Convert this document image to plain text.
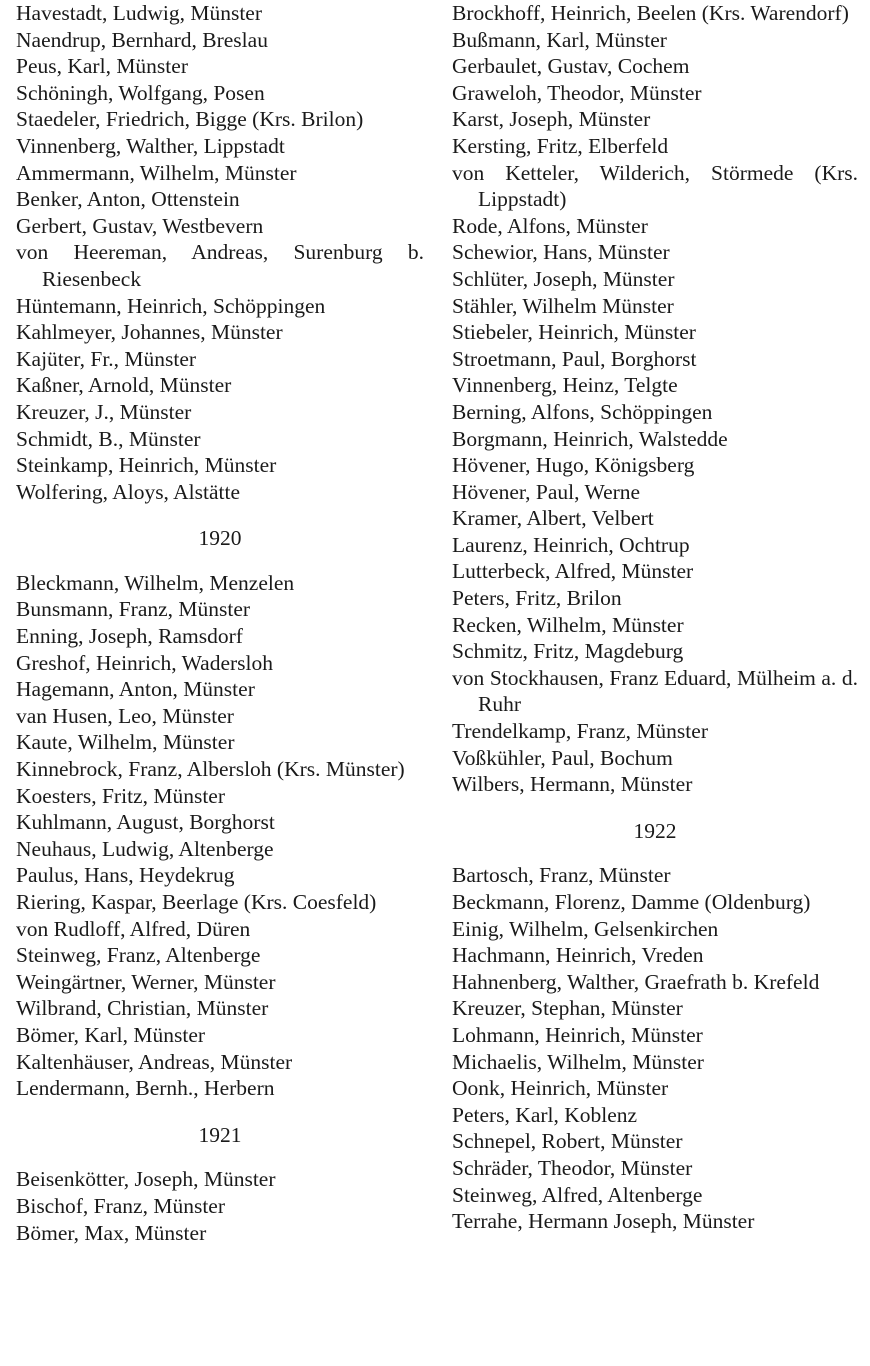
Havestadt, Ludwig, Münster
Naendrup, Bernhard, Breslau
Peus, Karl, Münster
Schöningh, Wolfgang, Posen
Staedeler, Friedrich, Bigge (Krs. Brilon)
Vinnenberg, Walther, Lippstadt
Ammermann, Wilhelm, Münster
Benker, Anton, Ottenstein
Gerbert, Gustav, Westbevern
von Heereman, Andreas, Surenburg b. Riesenbeck
Hüntemann, Heinrich, Schöppingen
Kahlmeyer, Johannes, Münster
Kajüter, Fr., Münster
Kaßner, Arnold, Münster
Kreuzer, J., Münster
Schmidt, B., Münster
Steinkamp, Heinrich, Münster
Wolfering, Aloys, Alstätte
1920
Bleckmann, Wilhelm, Menzelen
Bunsmann, Franz, Münster
Enning, Joseph, Ramsdorf
Greshof, Heinrich, Wadersloh
Hagemann, Anton, Münster
van Husen, Leo, Münster
Kaute, Wilhelm, Münster
Kinnebrock, Franz, Albersloh (Krs. Münster)
Koesters, Fritz, Münster
Kuhlmann, August, Borghorst
Neuhaus, Ludwig, Altenberge
Paulus, Hans, Heydekrug
Riering, Kaspar, Beerlage (Krs. Coesfeld)
von Rudloff, Alfred, Düren
Steinweg, Franz, Altenberge
Weingärtner, Werner, Münster
Wilbrand, Christian, Münster
Bömer, Karl, Münster
Kaltenhäuser, Andreas, Münster
Lendermann, Bernh., Herbern
1921
Beisenkötter, Joseph, Münster
Bischof, Franz, Münster
Bömer, Max, Münster
Brockhoff, Heinrich, Beelen (Krs. Warendorf)
Bußmann, Karl, Münster
Gerbaulet, Gustav, Cochem
Graweloh, Theodor, Münster
Karst, Joseph, Münster
Kersting, Fritz, Elberfeld
von Ketteler, Wilderich, Störmede (Krs. Lippstadt)
Rode, Alfons, Münster
Schewior, Hans, Münster
Schlüter, Joseph, Münster
Stähler, Wilhelm Münster
Stiebeler, Heinrich, Münster
Stroetmann, Paul, Borghorst
Vinnenberg, Heinz, Telgte
Berning, Alfons, Schöppingen
Borgmann, Heinrich, Walstedde
Hövener, Hugo, Königsberg
Hövener, Paul, Werne
Kramer, Albert, Velbert
Laurenz, Heinrich, Ochtrup
Lutterbeck, Alfred, Münster
Peters, Fritz, Brilon
Recken, Wilhelm, Münster
Schmitz, Fritz, Magdeburg
von Stockhausen, Franz Eduard, Mülheim a. d. Ruhr
Trendelkamp, Franz, Münster
Voßkühler, Paul, Bochum
Wilbers, Hermann, Münster
1922
Bartosch, Franz, Münster
Beckmann, Florenz, Damme (Oldenburg)
Einig, Wilhelm, Gelsenkirchen
Hachmann, Heinrich, Vreden
Hahnenberg, Walther, Graefrath b. Krefeld
Kreuzer, Stephan, Münster
Lohmann, Heinrich, Münster
Michaelis, Wilhelm, Münster
Oonk, Heinrich, Münster
Peters, Karl, Koblenz
Schnepel, Robert, Münster
Schräder, Theodor, Münster
Steinweg, Alfred, Altenberge
Terrahe, Hermann Joseph, Münster
